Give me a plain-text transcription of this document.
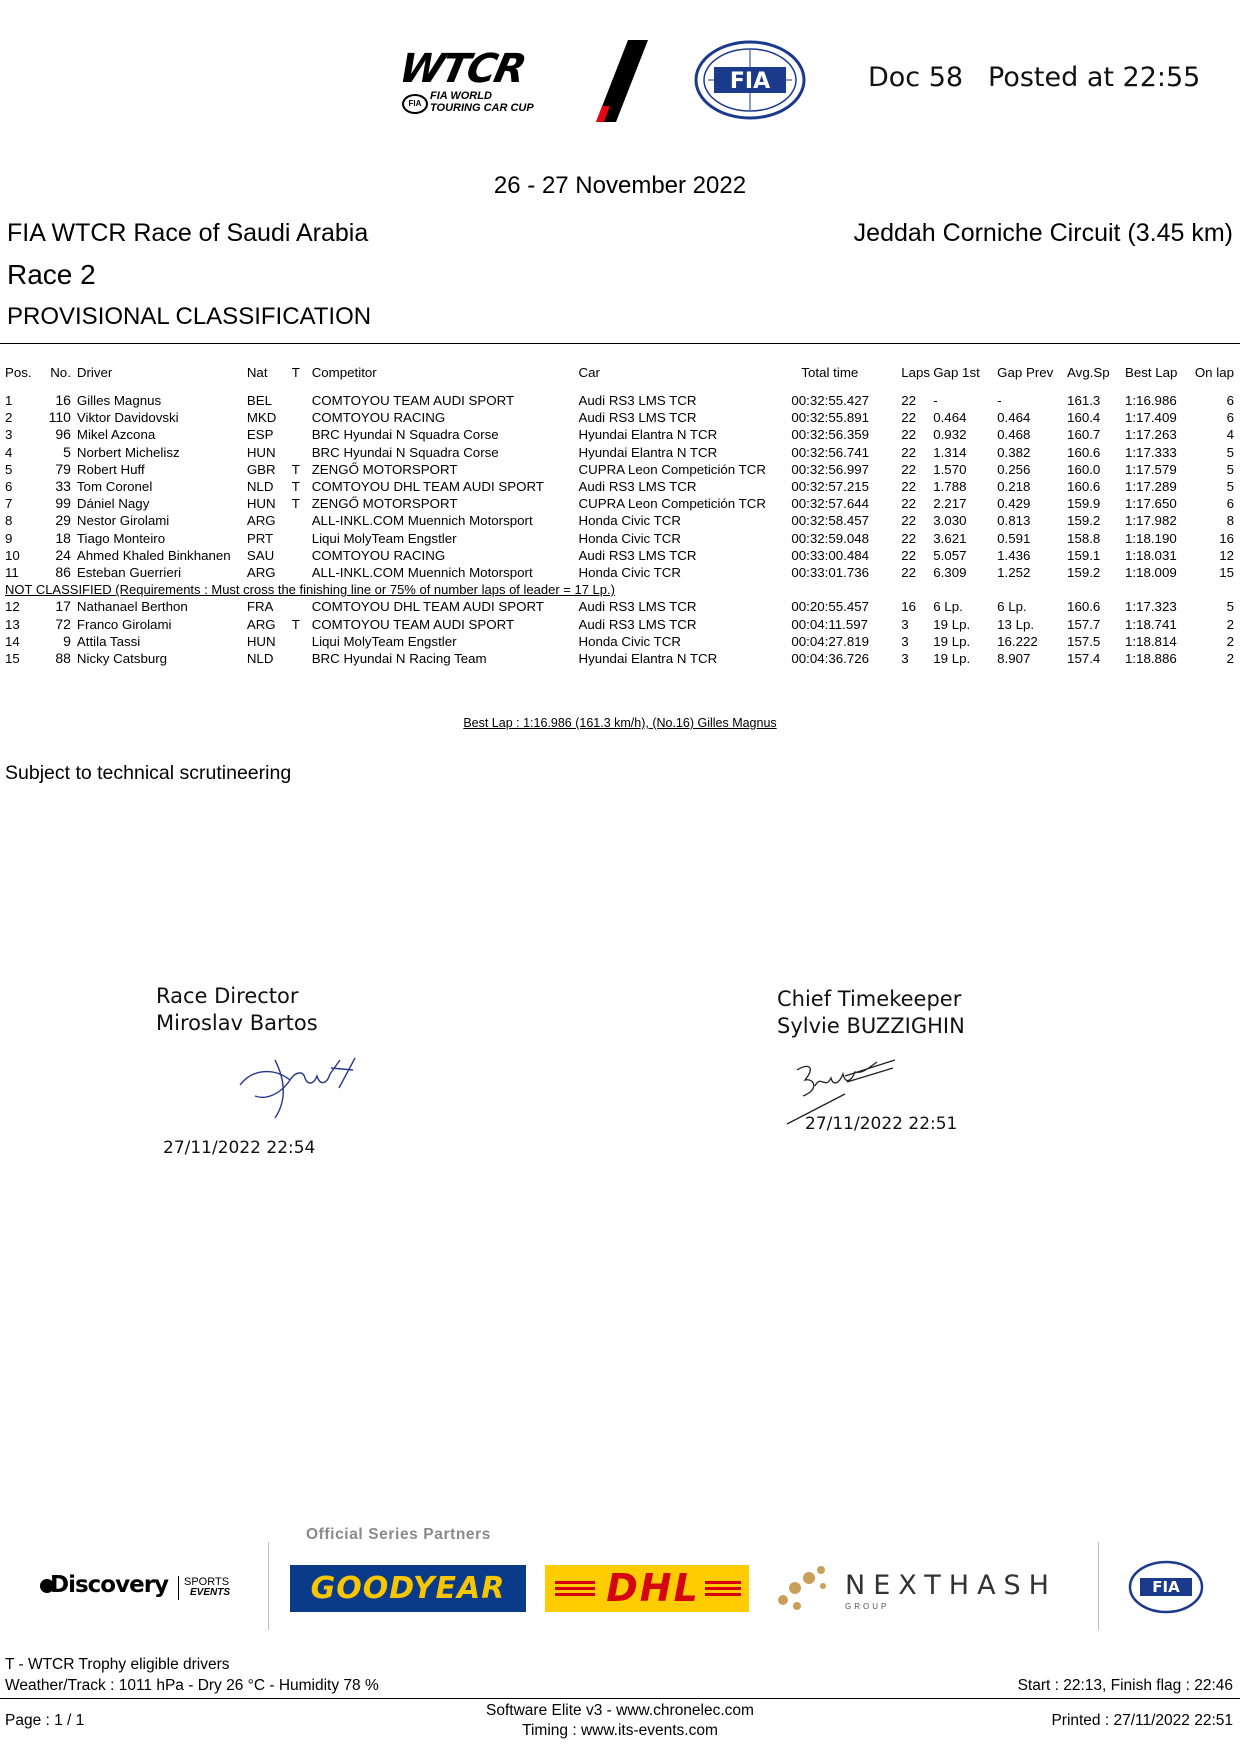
WTCR
FIA
FIA WORLD
TOURING CAR CUP
FIA	Doc 58 Posted at 22:55
26 - 27 November 2022
FIA WTCR Race of Saudi Arabia	Jeddah Corniche Circuit (3.45 km)
Race 2
PROVISIONAL CLASSIFICATION
Pos.	No.	Driver	Nat	T	Competitor	Car	Total time	Laps	Gap 1st	Gap Prev	Avg.Sp	Best Lap	On lap
1	16	Gilles Magnus	BEL		COMTOYOU TEAM AUDI SPORT	Audi RS3 LMS TCR	00:32:55.427	22	-	-	161.3	1:16.986	6
2	110	Viktor Davidovski	MKD		COMTOYOU RACING	Audi RS3 LMS TCR	00:32:55.891	22	0.464	0.464	160.4	1:17.409	6
3	96	Mikel Azcona	ESP		BRC Hyundai N Squadra Corse	Hyundai Elantra N TCR	00:32:56.359	22	0.932	0.468	160.7	1:17.263	4
4	5	Norbert Michelisz	HUN		BRC Hyundai N Squadra Corse	Hyundai Elantra N TCR	00:32:56.741	22	1.314	0.382	160.6	1:17.333	5
5	79	Robert Huff	GBR	T	ZENGŐ MOTORSPORT	CUPRA Leon Competición TCR	00:32:56.997	22	1.570	0.256	160.0	1:17.579	5
6	33	Tom Coronel	NLD	T	COMTOYOU DHL TEAM AUDI SPORT	Audi RS3 LMS TCR	00:32:57.215	22	1.788	0.218	160.6	1:17.289	5
7	99	Dániel Nagy	HUN	T	ZENGŐ MOTORSPORT	CUPRA Leon Competición TCR	00:32:57.644	22	2.217	0.429	159.9	1:17.650	6
8	29	Nestor Girolami	ARG		ALL-INKL.COM Muennich Motorsport	Honda Civic TCR	00:32:58.457	22	3.030	0.813	159.2	1:17.982	8
9	18	Tiago Monteiro	PRT		Liqui MolyTeam Engstler	Honda Civic TCR	00:32:59.048	22	3.621	0.591	158.8	1:18.190	16
10	24	Ahmed Khaled Binkhanen	SAU		COMTOYOU RACING	Audi RS3 LMS TCR	00:33:00.484	22	5.057	1.436	159.1	1:18.031	12
11	86	Esteban Guerrieri	ARG		ALL-INKL.COM Muennich Motorsport	Honda Civic TCR	00:33:01.736	22	6.309	1.252	159.2	1:18.009	15
NOT CLASSIFIED (Requirements : Must cross the finishing line or 75% of number laps of leader = 17 Lp.)													
12	17	Nathanael Berthon	FRA		COMTOYOU DHL TEAM AUDI SPORT	Audi RS3 LMS TCR	00:20:55.457	16	6 Lp.	6 Lp.	160.6	1:17.323	5
13	72	Franco Girolami	ARG	T	COMTOYOU TEAM AUDI SPORT	Audi RS3 LMS TCR	00:04:11.597	3	19 Lp.	13 Lp.	157.7	1:18.741	2
14	9	Attila Tassi	HUN		Liqui MolyTeam Engstler	Honda Civic TCR	00:04:27.819	3	19 Lp.	16.222	157.5	1:18.814	2
15	88	Nicky Catsburg	NLD		BRC Hyundai N Racing Team	Hyundai Elantra N TCR	00:04:36.726	3	19 Lp.	8.907	157.4	1:18.886	2
Best Lap : 1:16.986 (161.3 km/h), (No.16) Gilles Magnus
Subject to technical scrutineering
Race Director
Miroslav Bartos
27/11/2022 22:54
Chief Timekeeper
Sylvie BUZZIGHIN
27/11/2022 22:51
Official Series Partners
Discovery SPORTS
EVENTS	GOODYEAR	DHL	NEXTHASH
GROUP
FIA
T - WTCR Trophy eligible drivers
Weather/Track : 1011 hPa - Dry 26 °C - Humidity 78 %	Start : 22:13, Finish flag : 22:46
Page : 1 / 1
Software Elite v3 - www.chronelec.com
Timing : www.its-events.com
Printed : 27/11/2022 22:51
